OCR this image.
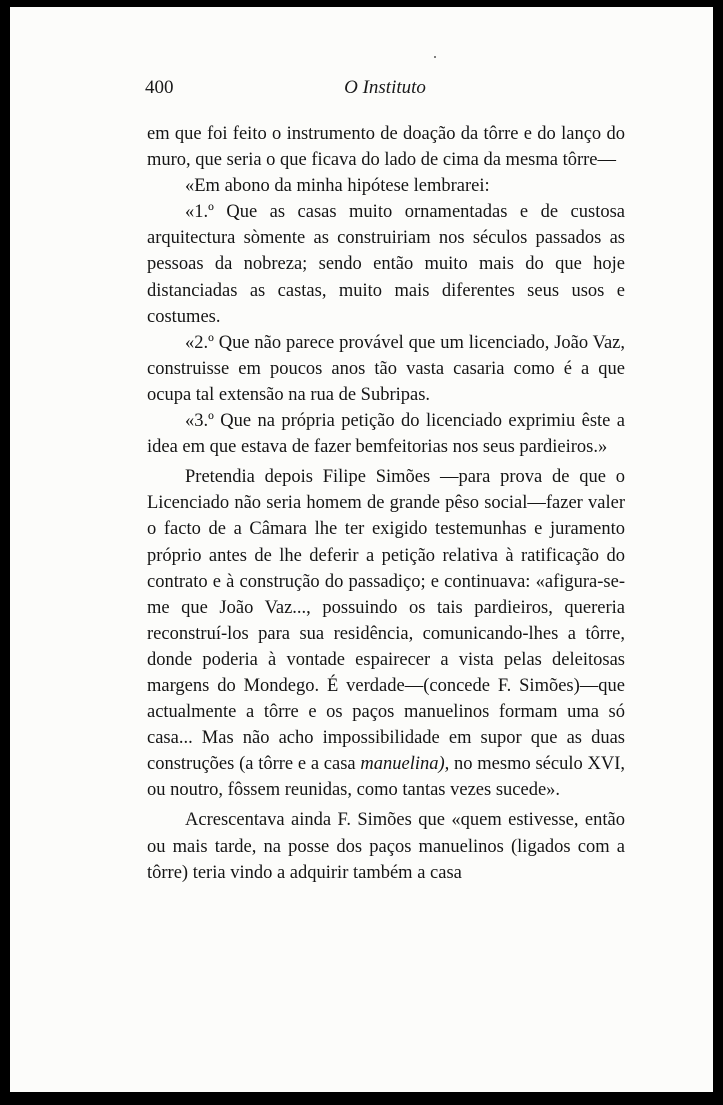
400	O Instituto

em que foi feito o instrumento de doação da tôrre e do lanço do muro, que seria o que ficava do lado de cima da mesma tôrre—

«Em abono da minha hipótese lembrarei:

«1.º Que as casas muito ornamentadas e de custosa arquitectura sòmente as construiriam nos séculos passados as pessoas da nobreza; sendo então muito mais do que hoje distanciadas as castas, muito mais diferentes seus usos e costumes.

«2.º Que não parece provável que um licenciado, João Vaz, construisse em poucos anos tão vasta casaria como é a que ocupa tal extensão na rua de Subripas.

«3.º Que na própria petição do licenciado exprimiu êste a idea em que estava de fazer bemfeitorias nos seus pardieiros.»

Pretendia depois Filipe Simões —para prova de que o Licenciado não seria homem de grande pêso social—fazer valer o facto de a Câmara lhe ter exigido testemunhas e juramento próprio antes de lhe deferir a petição relativa à ratificação do contrato e à construção do passadiço; e continuava: «afigura-se-me que João Vaz..., possuindo os tais pardieiros, quereria reconstruí-los para sua residência, comunicando-lhes a tôrre, donde poderia à vontade espairecer a vista pelas deleitosas margens do Mondego. É verdade—(concede F. Simões)—que actualmente a tôrre e os paços manuelinos formam uma só casa... Mas não acho impossibilidade em supor que as duas construções (a tôrre e a casa manuelina), no mesmo século XVI, ou noutro, fôssem reunidas, como tantas vezes sucede».

Acrescentava ainda F. Simões que «quem estivesse, então ou mais tarde, na posse dos paços manuelinos (ligados com a tôrre) teria vindo a adquirir também a casa
